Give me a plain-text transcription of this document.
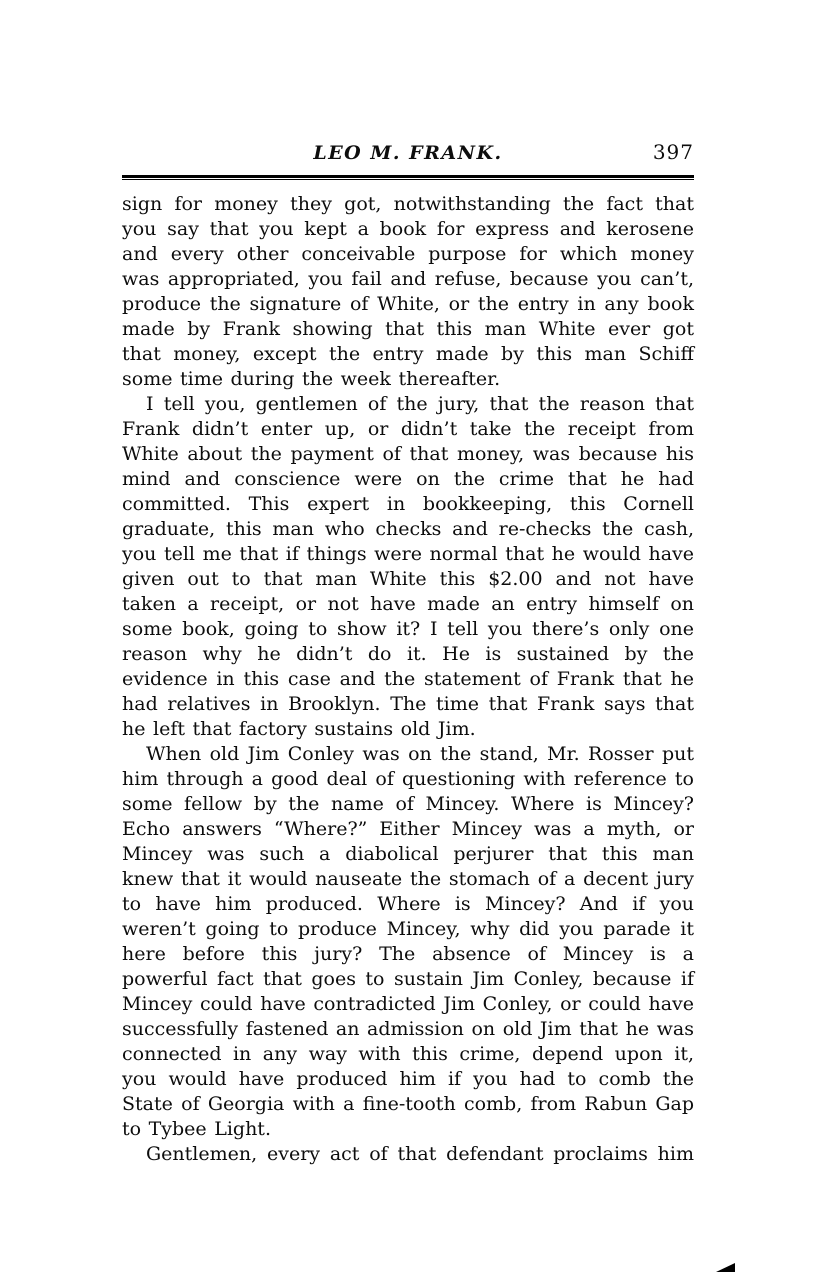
LEO M. FRANK.	397

sign for money they got, notwithstanding the fact that you say that you kept a book for express and kerosene and every other conceivable purpose for which money was appropriated, you fail and refuse, because you can’t, produce the signature of White, or the entry in any book made by Frank showing that this man White ever got that money, except the entry made by this man Schiff some time during the week thereafter.

I tell you, gentlemen of the jury, that the reason that Frank didn’t enter up, or didn’t take the receipt from White about the payment of that money, was because his mind and conscience were on the crime that he had committed. This expert in bookkeeping, this Cornell graduate, this man who checks and re-checks the cash, you tell me that if things were normal that he would have given out to that man White this $2.00 and not have taken a receipt, or not have made an entry himself on some book, going to show it? I tell you there’s only one reason why he didn’t do it. He is sustained by the evidence in this case and the statement of Frank that he had relatives in Brooklyn. The time that Frank says that he left that factory sustains old Jim.

When old Jim Conley was on the stand, Mr. Rosser put him through a good deal of questioning with reference to some fellow by the name of Mincey. Where is Mincey? Echo answers “Where?” Either Mincey was a myth, or Mincey was such a diabolical perjurer that this man knew that it would nauseate the stomach of a decent jury to have him produced. Where is Mincey? And if you weren’t going to produce Mincey, why did you parade it here before this jury? The absence of Mincey is a powerful fact that goes to sustain Jim Conley, because if Mincey could have contradicted Jim Conley, or could have successfully fastened an admission on old Jim that he was connected in any way with this crime, depend upon it, you would have produced him if you had to comb the State of Georgia with a fine-tooth comb, from Rabun Gap to Tybee Light.

Gentlemen, every act of that defendant proclaims him
